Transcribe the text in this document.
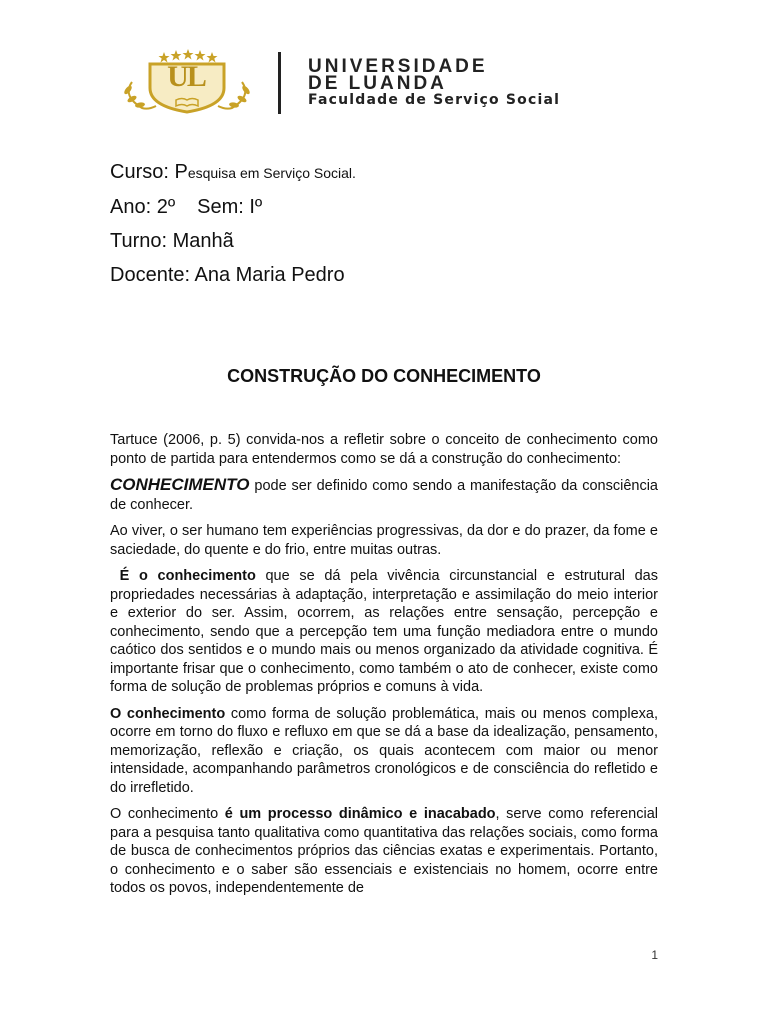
UL	UNIVERSIDADE
DE LUANDA
Faculdade de Serviço Social
Curso: Pesquisa em Serviço Social.
Ano: 2º Sem: Iº
Turno: Manhã
Docente: Ana Maria Pedro
CONSTRUÇÃO DO CONHECIMENTO

Tartuce (2006, p. 5) convida-nos a refletir sobre o conceito de conhecimento como ponto de partida para entendermos como se dá a construção do conhecimento:

CONHECIMENTO pode ser definido como sendo a manifestação da consciência de conhecer.

Ao viver, o ser humano tem experiências progressivas, da dor e do prazer, da fome e saciedade, do quente e do frio, entre muitas outras.

É o conhecimento que se dá pela vivência circunstancial e estrutural das propriedades necessárias à adaptação, interpretação e assimilação do meio interior e exterior do ser. Assim, ocorrem, as relações entre sensação, percepção e conhecimento, sendo que a percepção tem uma função mediadora entre o mundo caótico dos sentidos e o mundo mais ou menos organizado da atividade cognitiva. É importante frisar que o conhecimento, como também o ato de conhecer, existe como forma de solução de problemas próprios e comuns à vida.

O conhecimento como forma de solução problemática, mais ou menos complexa, ocorre em torno do fluxo e refluxo em que se dá a base da idealização, pensamento, memorização, reflexão e criação, os quais acontecem com maior ou menor intensidade, acompanhando parâmetros cronológicos e de consciência do refletido e do irrefletido.

O conhecimento é um processo dinâmico e inacabado, serve como referencial para a pesquisa tanto qualitativa como quantitativa das relações sociais, como forma de busca de conhecimentos próprios das ciências exatas e experimentais. Portanto, o conhecimento e o saber são essenciais e existenciais no homem, ocorre entre todos os povos, independentemente de

1
